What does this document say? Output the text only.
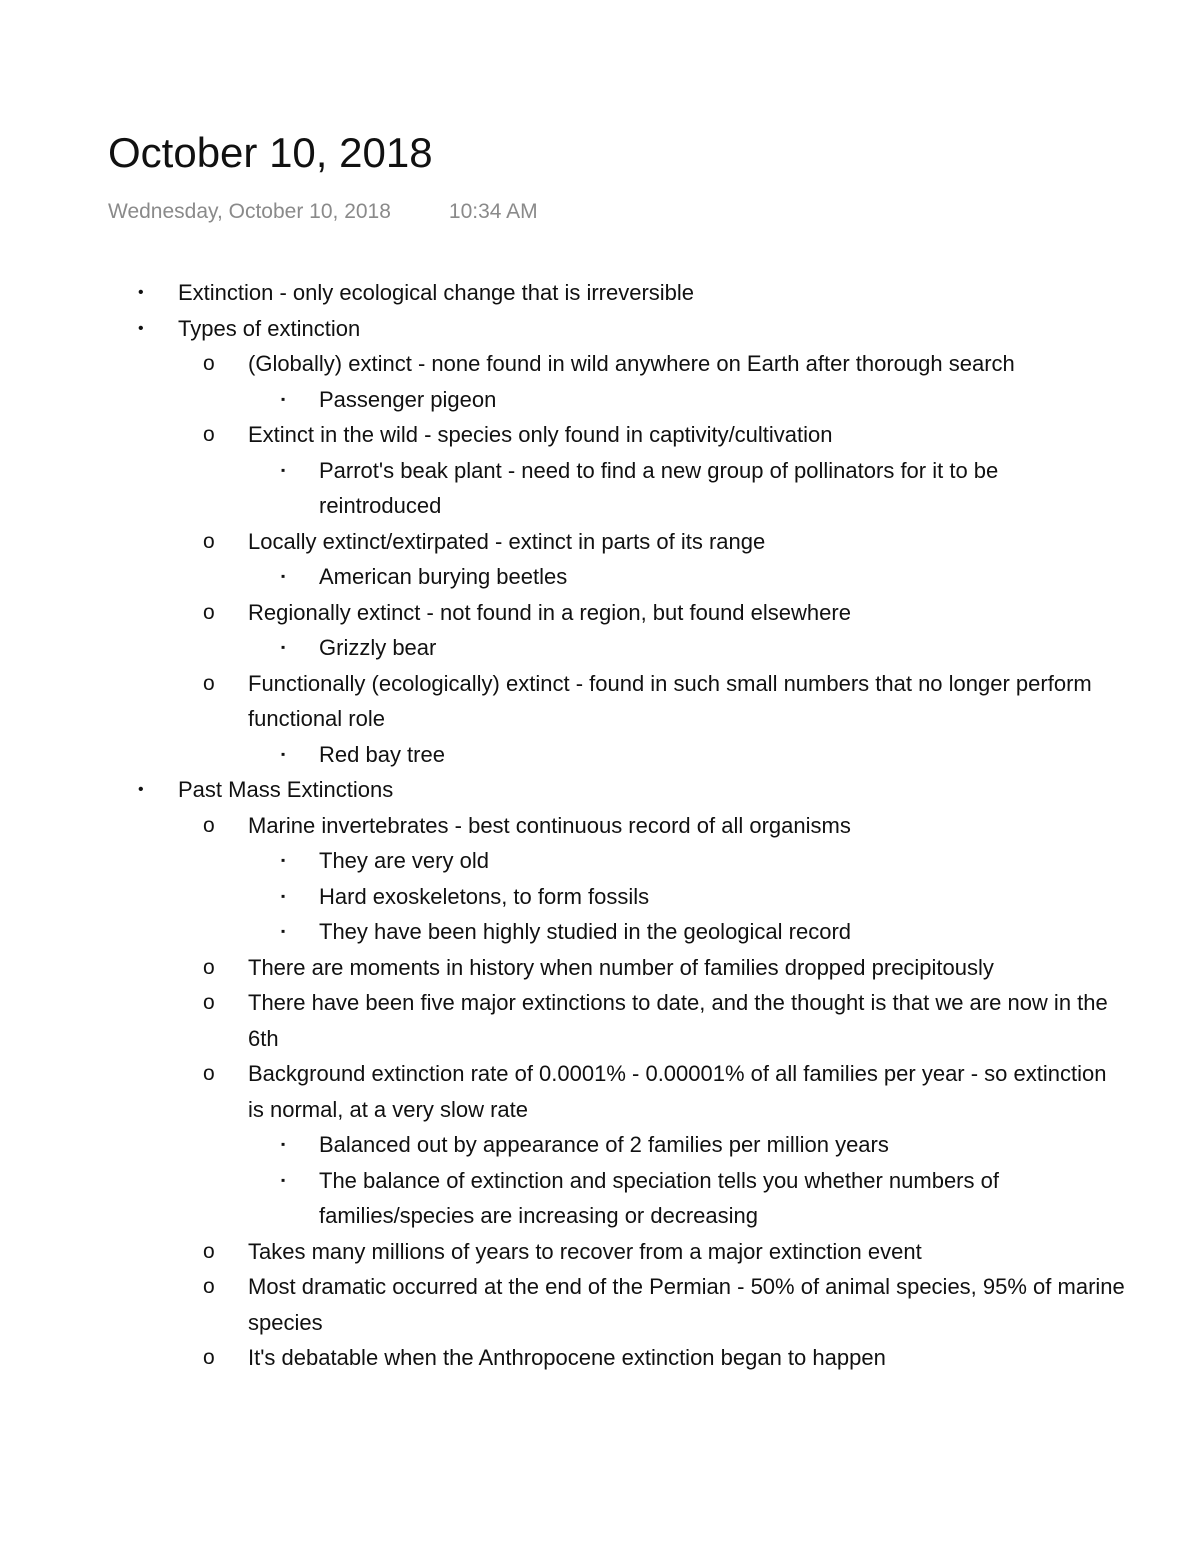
October 10, 2018
Wednesday, October 10, 2018	10:34 AM
• Extinction - only ecological change that is irreversible
• Types of extinction
o (Globally) extinct - none found in wild anywhere on Earth after thorough search
▪ Passenger pigeon
o Extinct in the wild - species only found in captivity/cultivation
▪ Parrot's beak plant - need to find a new group of pollinators for it to be reintroduced
o Locally extinct/extirpated - extinct in parts of its range
▪ American burying beetles
o Regionally extinct - not found in a region, but found elsewhere
▪ Grizzly bear
o Functionally (ecologically) extinct - found in such small numbers that no longer perform functional role
▪ Red bay tree
• Past Mass Extinctions
o Marine invertebrates - best continuous record of all organisms
▪ They are very old
▪ Hard exoskeletons, to form fossils
▪ They have been highly studied in the geological record
o There are moments in history when number of families dropped precipitously
o There have been five major extinctions to date, and the thought is that we are now in the 6th
o Background extinction rate of 0.0001% - 0.00001% of all families per year - so extinction is normal, at a very slow rate
▪ Balanced out by appearance of 2 families per million years
▪ The balance of extinction and speciation tells you whether numbers of families/species are increasing or decreasing
o Takes many millions of years to recover from a major extinction event
o Most dramatic occurred at the end of the Permian - 50% of animal species, 95% of marine species
o It's debatable when the Anthropocene extinction began to happen
